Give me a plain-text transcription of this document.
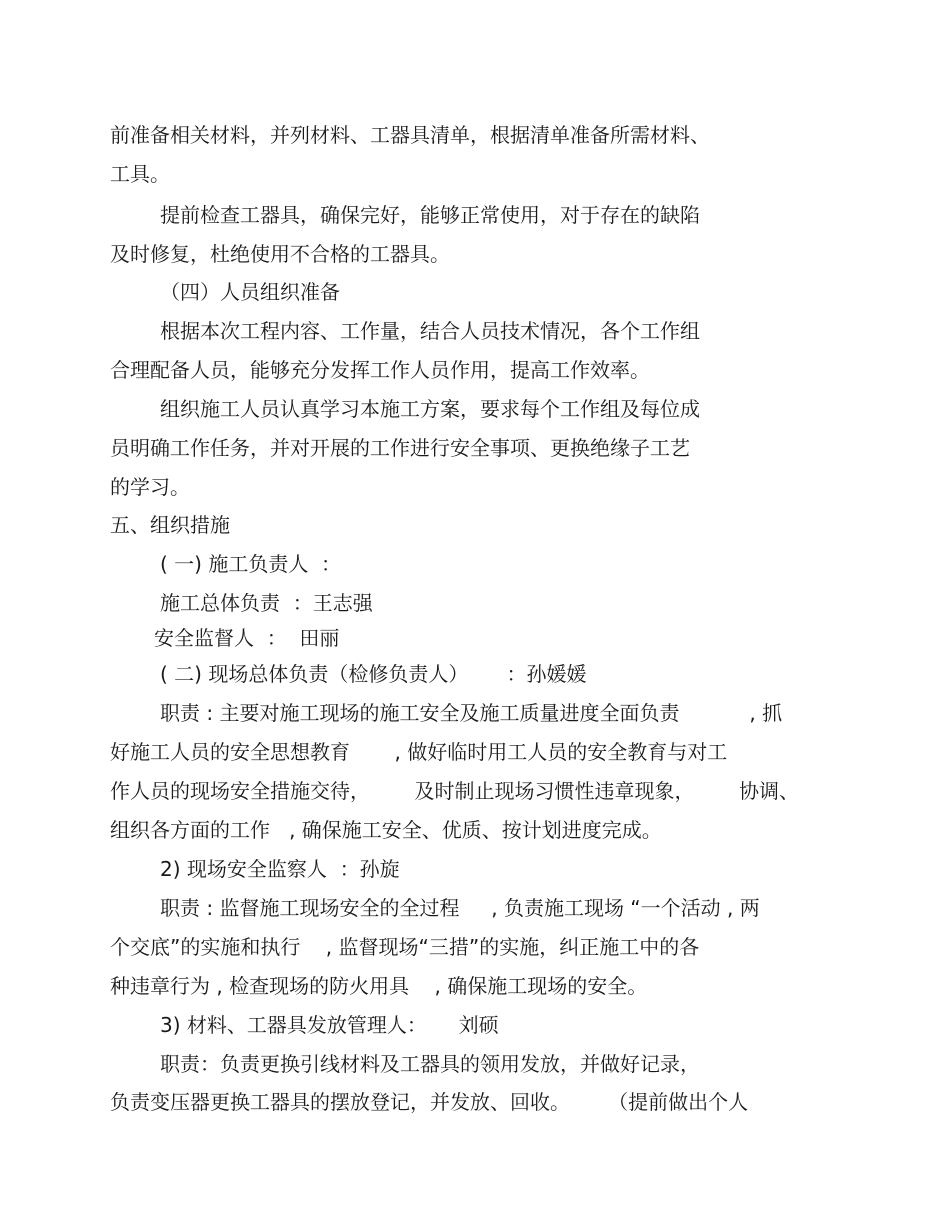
前准备相关材料，并列材料、工器具清单，根据清单准备所需材料、

工具。

提前检查工器具，确保完好，能够正常使用，对于存在的缺陷

及时修复，杜绝使用不合格的工器具。

（四）人员组织准备

根据本次工程内容、工作量，结合人员技术情况，各个工作组

合理配备人员，能够充分发挥工作人员作用，提高工作效率。

组织施工人员认真学习本施工方案，要求每个工作组及每位成

员明确工作任务，并对开展的工作进行安全事项、更换绝缘子工艺

的学习。

五、组织措施

( 一) 施工负责人  ：

施工总体负责  ：王志强

安全监督人  ：  田丽

( 二) 现场总体负责（检修负责人）      ：孙媛媛

职责 : 主要对施工现场的施工安全及施工质量进度全面负责           , 抓

好施工人员的安全思想教育       , 做好临时用工人员的安全教育与对工

作人员的现场安全措施交待，       及时制止现场习惯性违章现象，       协调、

组织各方面的工作   , 确保施工安全、优质、按计划进度完成。

2) 现场安全监察人  ：孙旋

职责 : 监督施工现场安全的全过程     , 负责施工现场 “一个活动 , 两

个交底”的实施和执行    , 监督现场“三措”的实施，纠正施工中的各

种违章行为 , 检查现场的防火用具    , 确保施工现场的安全。

3) 材料、工器具发放管理人：     刘硕

职责：负责更换引线材料及工器具的领用发放，并做好记录，

负责变压器更换工器具的摆放登记，并发放、回收。      （提前做出个人
